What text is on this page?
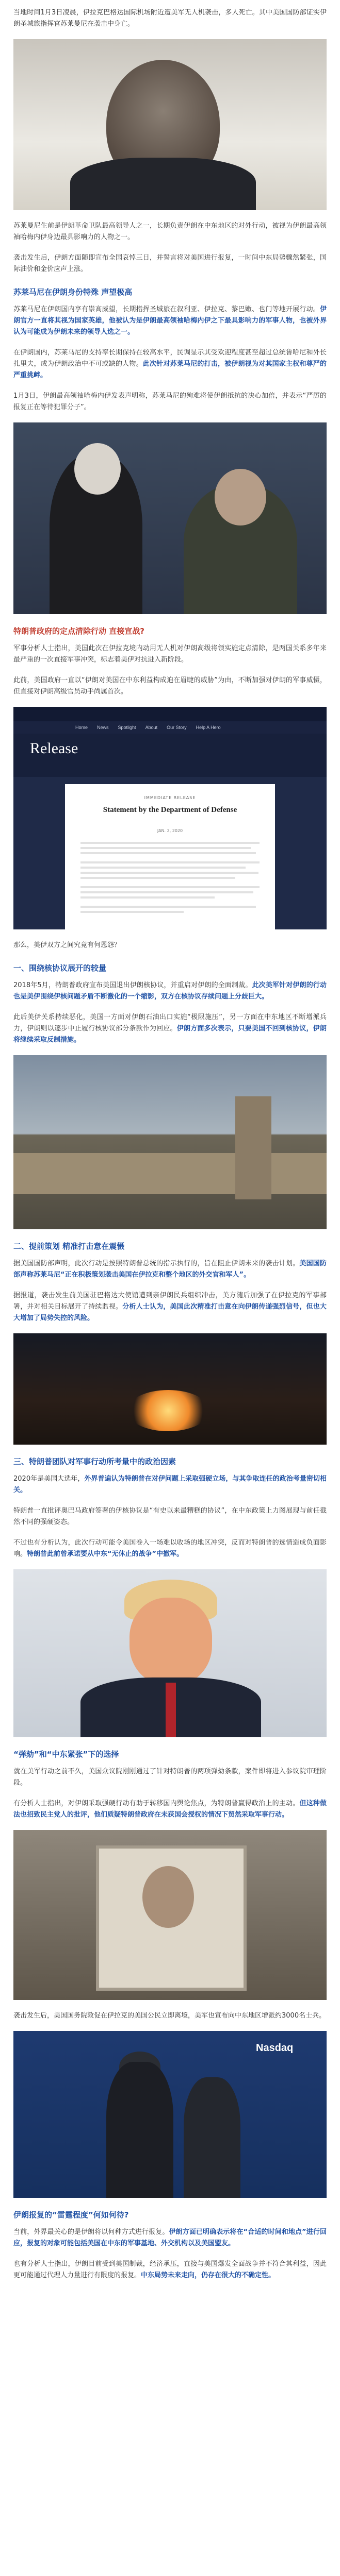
当地时间1月3日凌晨，伊拉克巴格达国际机场附近遭美军无人机袭击，多人死亡。其中美国国防部证实伊朗圣城旅指挥官苏莱曼尼在袭击中身亡。

苏莱曼尼生前是伊朗革命卫队最高领导人之一，长期负责伊朗在中东地区的对外行动，被视为伊朗最高领袖哈梅内伊身边最具影响力的人物之一。

袭击发生后，伊朗方面随即宣布全国哀悼三日，并誓言将对美国进行报复，一时间中东局势骤然紧张，国际油价和金价应声上涨。

苏莱马尼在伊朗身份特殊 声望极高

苏莱马尼在伊朗国内享有崇高威望，长期指挥圣城旅在叙利亚、伊拉克、黎巴嫩、也门等地开展行动。伊朗官方一直将其视为国家英雄，他被认为是伊朗最高领袖哈梅内伊之下最具影响力的军事人物，也被外界认为可能成为伊朗未来的领导人选之一。

在伊朗国内，苏莱马尼的支持率长期保持在较高水平，民调显示其受欢迎程度甚至超过总统鲁哈尼和外长扎里夫，成为伊朗政治中不可或缺的人物。此次针对苏莱马尼的打击，被伊朗视为对其国家主权和尊严的严重挑衅。

1月3日，伊朗最高领袖哈梅内伊发表声明称，苏莱马尼的殉难将使伊朗抵抗的决心加倍，并表示“严厉的报复正在等待犯罪分子”。

特朗普政府的定点清除行动 直接宣战?

军事分析人士指出，美国此次在伊拉克境内动用无人机对伊朗高级将领实施定点清除，是两国关系多年来最严重的一次直接军事冲突，标志着美伊对抗进入新阶段。

此前，美国政府一直以“伊朗对美国在中东利益构成迫在眉睫的威胁”为由，不断加强对伊朗的军事威慑，但直接对伊朗高级官员动手尚属首次。

Home News Spotlight About Our Story Help A Hero
Release
IMMEDIATE RELEASE
Statement by the Department of Defense
JAN. 2, 2020

那么，美伊双方之间究竟有何恩怨？

一、围绕核协议展开的较量

2018年5月，特朗普政府宣布美国退出伊朗核协议，并重启对伊朗的全面制裁。此次美军针对伊朗的行动也是美伊围绕伊核问题矛盾不断激化的一个缩影，双方在核协议存续问题上分歧巨大。

此后美伊关系持续恶化，美国一方面对伊朗石油出口实施“极限施压”，另一方面在中东地区不断增派兵力，伊朗则以逐步中止履行核协议部分条款作为回应。伊朗方面多次表示，只要美国不回到核协议，伊朗将继续采取反制措施。

二、提前策划 精准打击意在震慑

据美国国防部声明，此次行动是按照特朗普总统的指示执行的，旨在阻止伊朗未来的袭击计划。美国国防部声称苏莱马尼“正在积极策划袭击美国在伊拉克和整个地区的外交官和军人”。

据报道，袭击发生前美国驻巴格达大使馆遭到亲伊朗民兵组织冲击，美方随后加强了在伊拉克的军事部署，并对相关目标展开了持续监视。分析人士认为，美国此次精准打击意在向伊朗传递强烈信号，但也大大增加了局势失控的风险。

三、特朗普团队对军事行动所考量中的政治因素

2020年是美国大选年，外界普遍认为特朗普在对伊问题上采取强硬立场，与其争取连任的政治考量密切相关。

特朗普一直批评奥巴马政府签署的伊核协议是“有史以来最糟糕的协议”，在中东政策上力图展现与前任截然不同的强硬姿态。

不过也有分析认为，此次行动可能令美国卷入一场难以收场的地区冲突，反而对特朗普的选情造成负面影响。特朗普此前曾承诺要从中东“无休止的战争”中撤军。

“弹劾”和“中东紧张”下的选择

就在美军行动之前不久，美国众议院刚刚通过了针对特朗普的两项弹劾条款，案件即将进入参议院审理阶段。

有分析人士指出，对伊朗采取强硬行动有助于转移国内舆论焦点，为特朗普赢得政治上的主动。但这种做法也招致民主党人的批评，他们质疑特朗普政府在未获国会授权的情况下贸然采取军事行动。

袭击发生后，美国国务院敦促在伊拉克的美国公民立即离境，美军也宣布向中东地区增派约3000名士兵。

Nasdaq
伊朗报复的“雷霆程度”何如何待?

当前，外界最关心的是伊朗将以何种方式进行报复。伊朗方面已明确表示将在“合适的时间和地点”进行回应，报复的对象可能包括美国在中东的军事基地、外交机构以及美国盟友。

也有分析人士指出，伊朗目前受到美国制裁，经济承压，直接与美国爆发全面战争并不符合其利益，因此更可能通过代理人力量进行有限度的报复。中东局势未来走向，仍存在很大的不确定性。
